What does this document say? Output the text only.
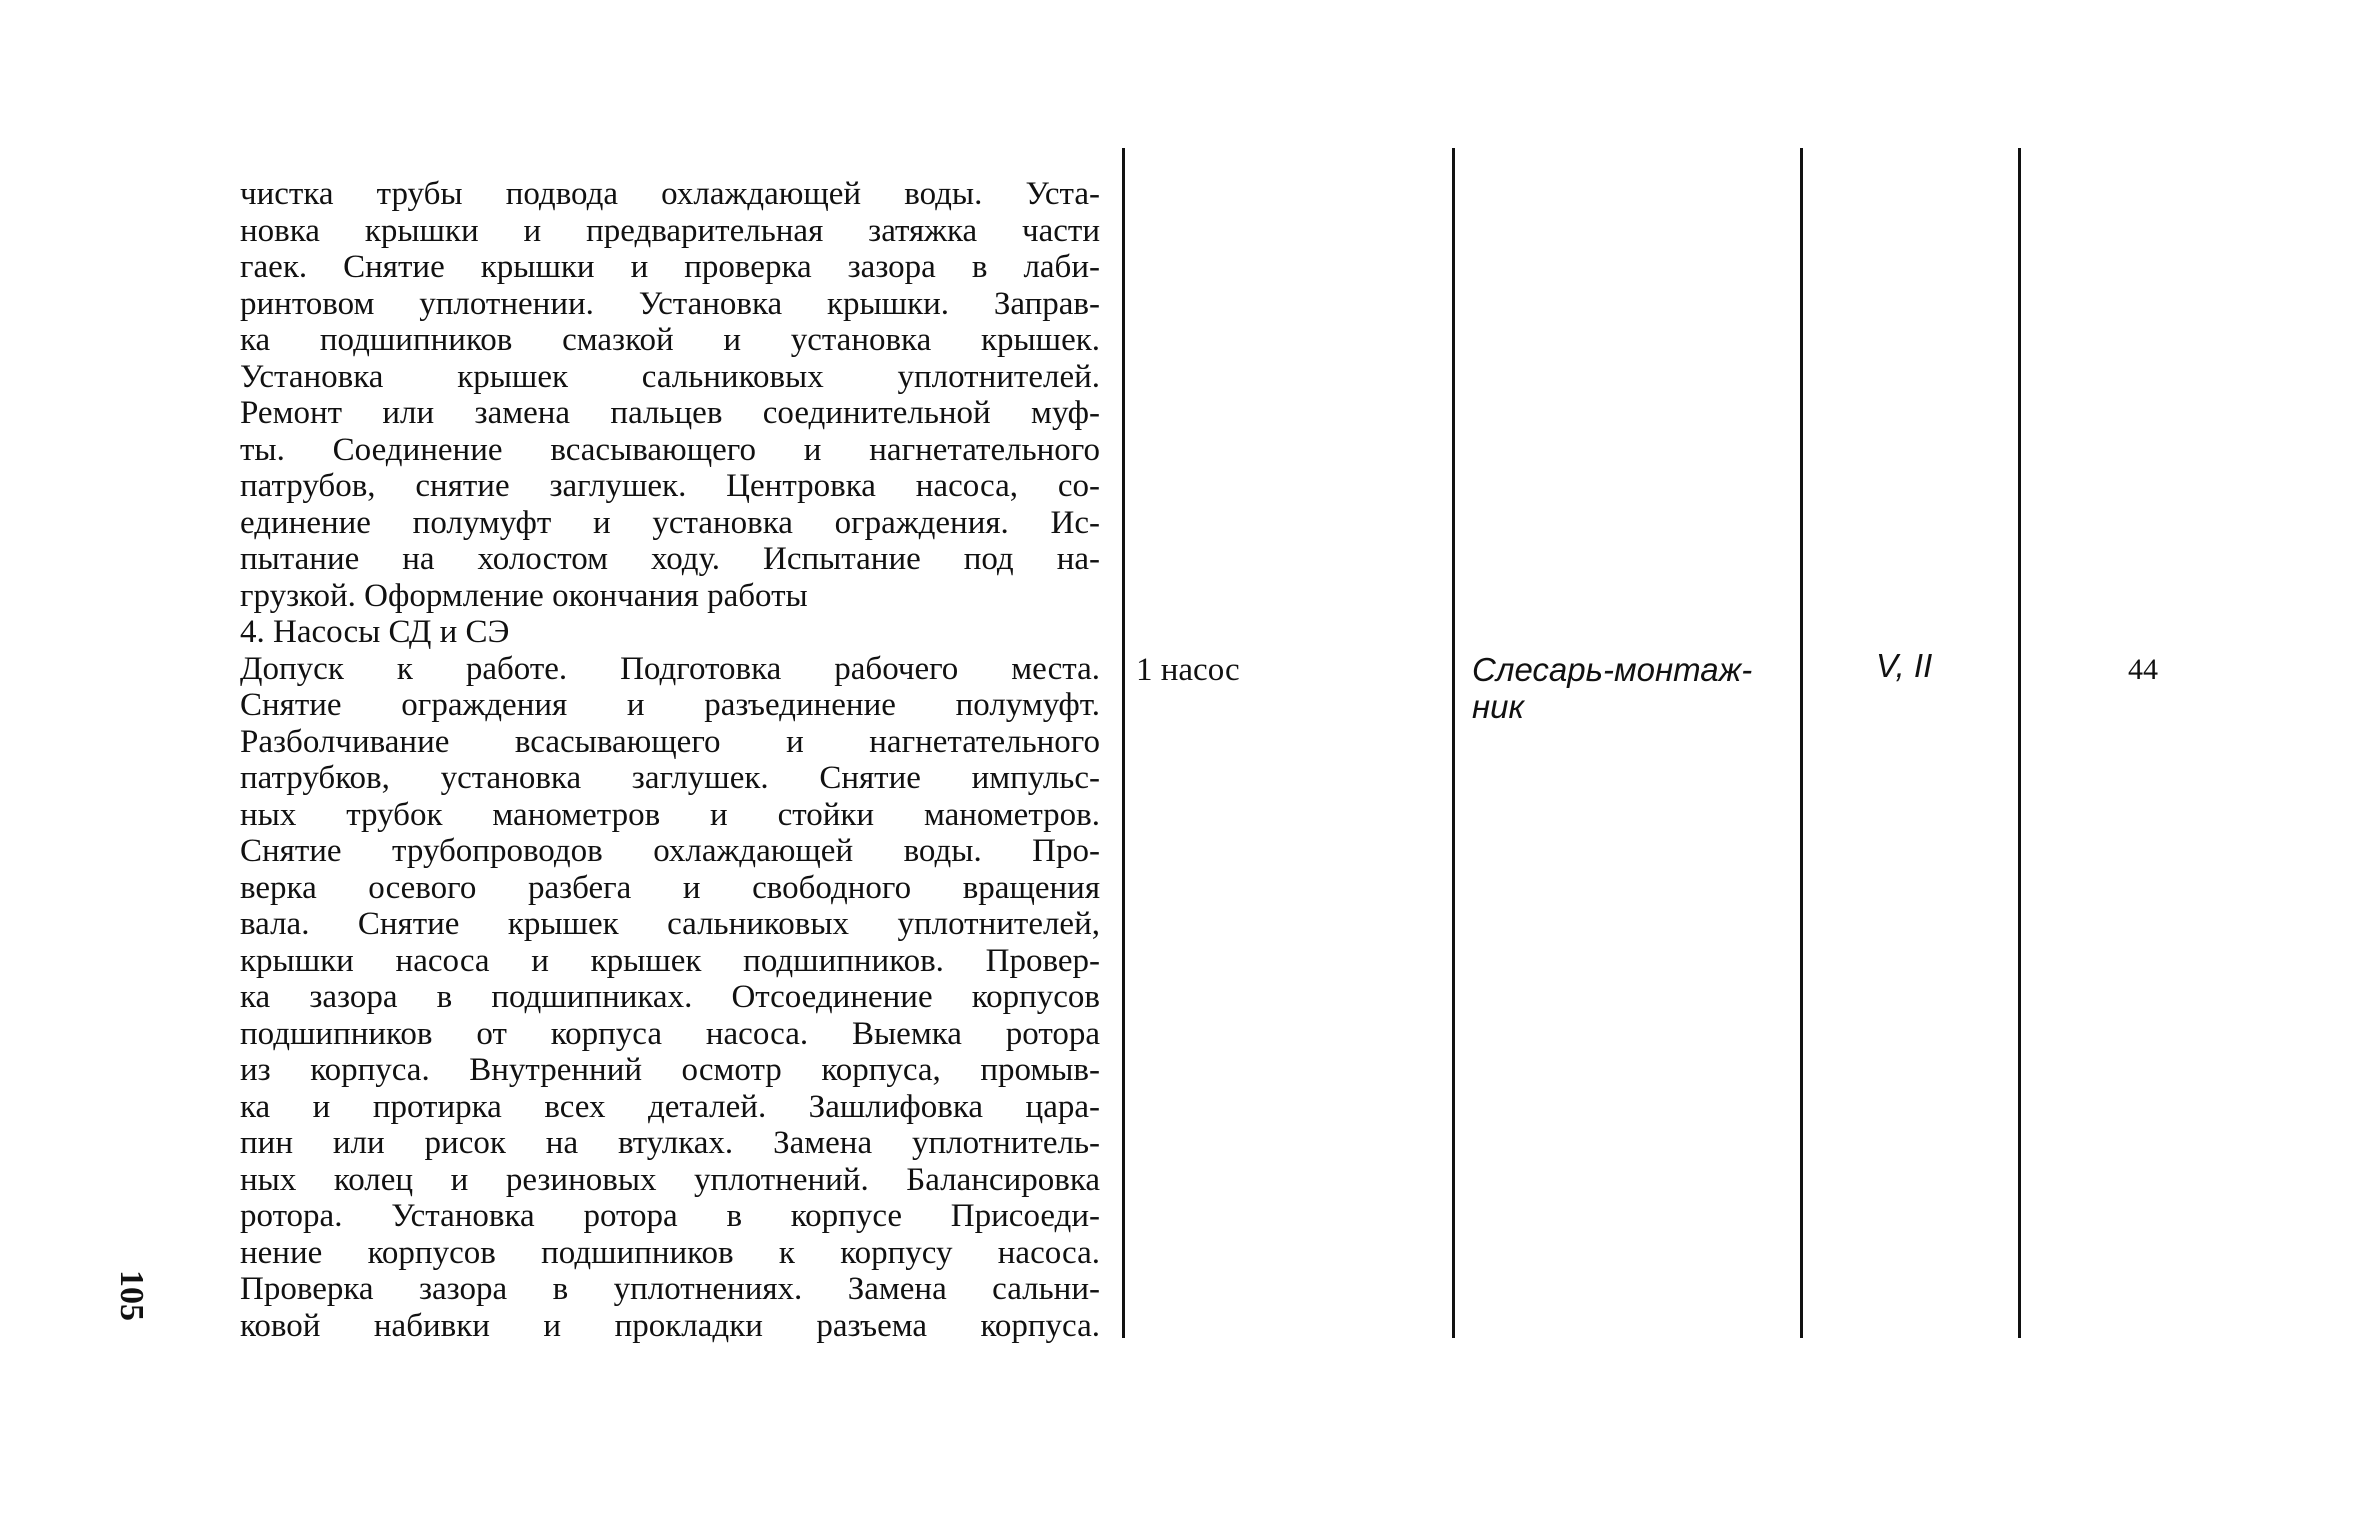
чистка трубы подвода охлаждающей воды. Уста-
новка крышки и предварительная затяжка части
гаек. Снятие крышки и проверка зазора в лаби-
ринтовом уплотнении. Установка крышки. Заправ-
ка подшипников смазкой и установка крышек.
Установка крышек сальниковых уплотнителей.
Ремонт или замена пальцев соединительной муф-
ты. Соединение всасывающего и нагнетательного
патрубов, снятие заглушек. Центровка насоса, со-
единение полумуфт и установка ограждения. Ис-
пытание на холостом ходу. Испытание под на-
грузкой. Оформление окончания работы
4. Насосы СД и СЭ
Допуск к работе. Подготовка рабочего места.
Снятие ограждения и разъединение полумуфт.
Разболчивание всасывающего и нагнетательного
патрубков, установка заглушек. Снятие импульс-
ных трубок манометров и стойки манометров.
Снятие трубопроводов охлаждающей воды. Про-
верка осевого разбега и свободного вращения
вала. Снятие крышек сальниковых уплотнителей,
крышки насоса и крышек подшипников. Провер-
ка зазора в подшипниках. Отсоединение корпусов
подшипников от корпуса насоса. Выемка ротора
из корпуса. Внутренний осмотр корпуса, промыв-
ка и протирка всех деталей. Зашлифовка цара-
пин или рисок на втулках. Замена уплотнитель-
ных колец и резиновых уплотнений. Балансировка
ротора. Установка ротора в корпусе Присоеди-
нение корпусов подшипников к корпусу насоса.
Проверка зазора в уплотнениях. Замена сальни-
ковой набивки и прокладки разъема корпуса.
1 насос	Слесарь-монтаж-
ник
V, II	44
105
